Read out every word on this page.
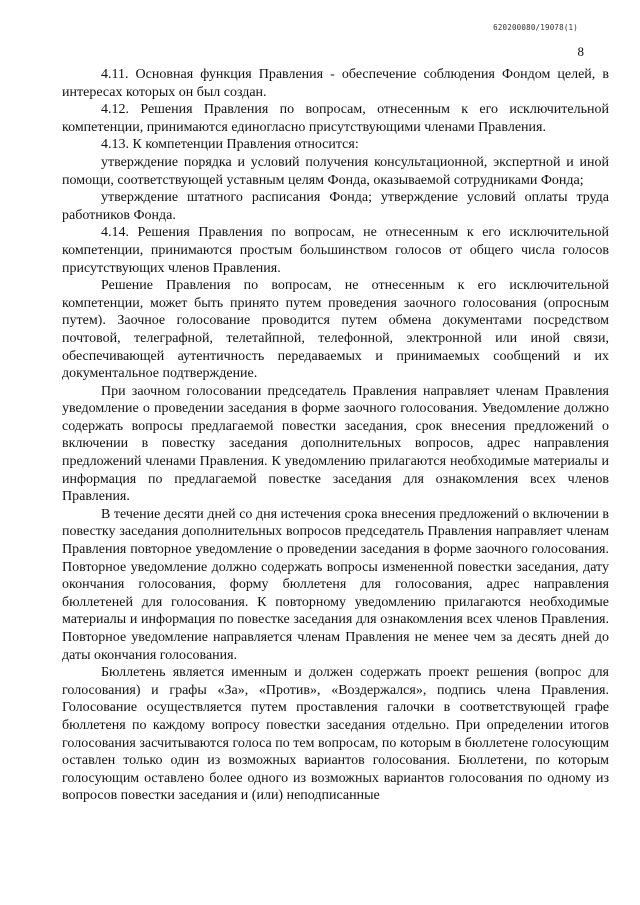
620200080/19078(1)
8

4.11. Основная функция Правления - обеспечение соблюдения Фондом целей, в интересах которых он был создан.

4.12. Решения Правления по вопросам, отнесенным к его исключительной компетенции, принимаются единогласно присутствующими членами Правления.

4.13. К компетенции Правления относится:

утверждение порядка и условий получения консультационной, экспертной и иной помощи, соответствующей уставным целям Фонда, оказываемой сотрудниками Фонда;

утверждение штатного расписания Фонда; утверждение условий оплаты труда работников Фонда.

4.14. Решения Правления по вопросам, не отнесенным к его исключительной компетенции, принимаются простым большинством голосов от общего числа голосов присутствующих членов Правления.

Решение Правления по вопросам, не отнесенным к его исключительной компетенции, может быть принято путем проведения заочного голосования (опросным путем). Заочное голосование проводится путем обмена документами посредством почтовой, телеграфной, телетайпной, телефонной, электронной или иной связи, обеспечивающей аутентичность передаваемых и принимаемых сообщений и их документальное подтверждение.

При заочном голосовании председатель Правления направляет членам Правления уведомление о проведении заседания в форме заочного голосования. Уведомление должно содержать вопросы предлагаемой повестки заседания, срок внесения предложений о включении в повестку заседания дополнительных вопросов, адрес направления предложений членами Правления. К уведомлению прилагаются необходимые материалы и информация по предлагаемой повестке заседания для ознакомления всех членов Правления.

В течение десяти дней со дня истечения срока внесения предложений о включении в повестку заседания дополнительных вопросов председатель Правления направляет членам Правления повторное уведомление о проведении заседания в форме заочного голосования. Повторное уведомление должно содержать вопросы измененной повестки заседания, дату окончания голосования, форму бюллетеня для голосования, адрес направления бюллетеней для голосования. К повторному уведомлению прилагаются необходимые материалы и информация по повестке заседания для ознакомления всех членов Правления. Повторное уведомление направляется членам Правления не менее чем за десять дней до даты окончания голосования.

Бюллетень является именным и должен содержать проект решения (вопрос для голосования) и графы «За», «Против», «Воздержался», подпись члена Правления. Голосование осуществляется путем проставления галочки в соответствующей графе бюллетеня по каждому вопросу повестки заседания отдельно. При определении итогов голосования засчитываются голоса по тем вопросам, по которым в бюллетене голосующим оставлен только один из возможных вариантов голосования. Бюллетени, по которым голосующим оставлено более одного из возможных вариантов голосования по одному из вопросов повестки заседания и (или) неподписанные
